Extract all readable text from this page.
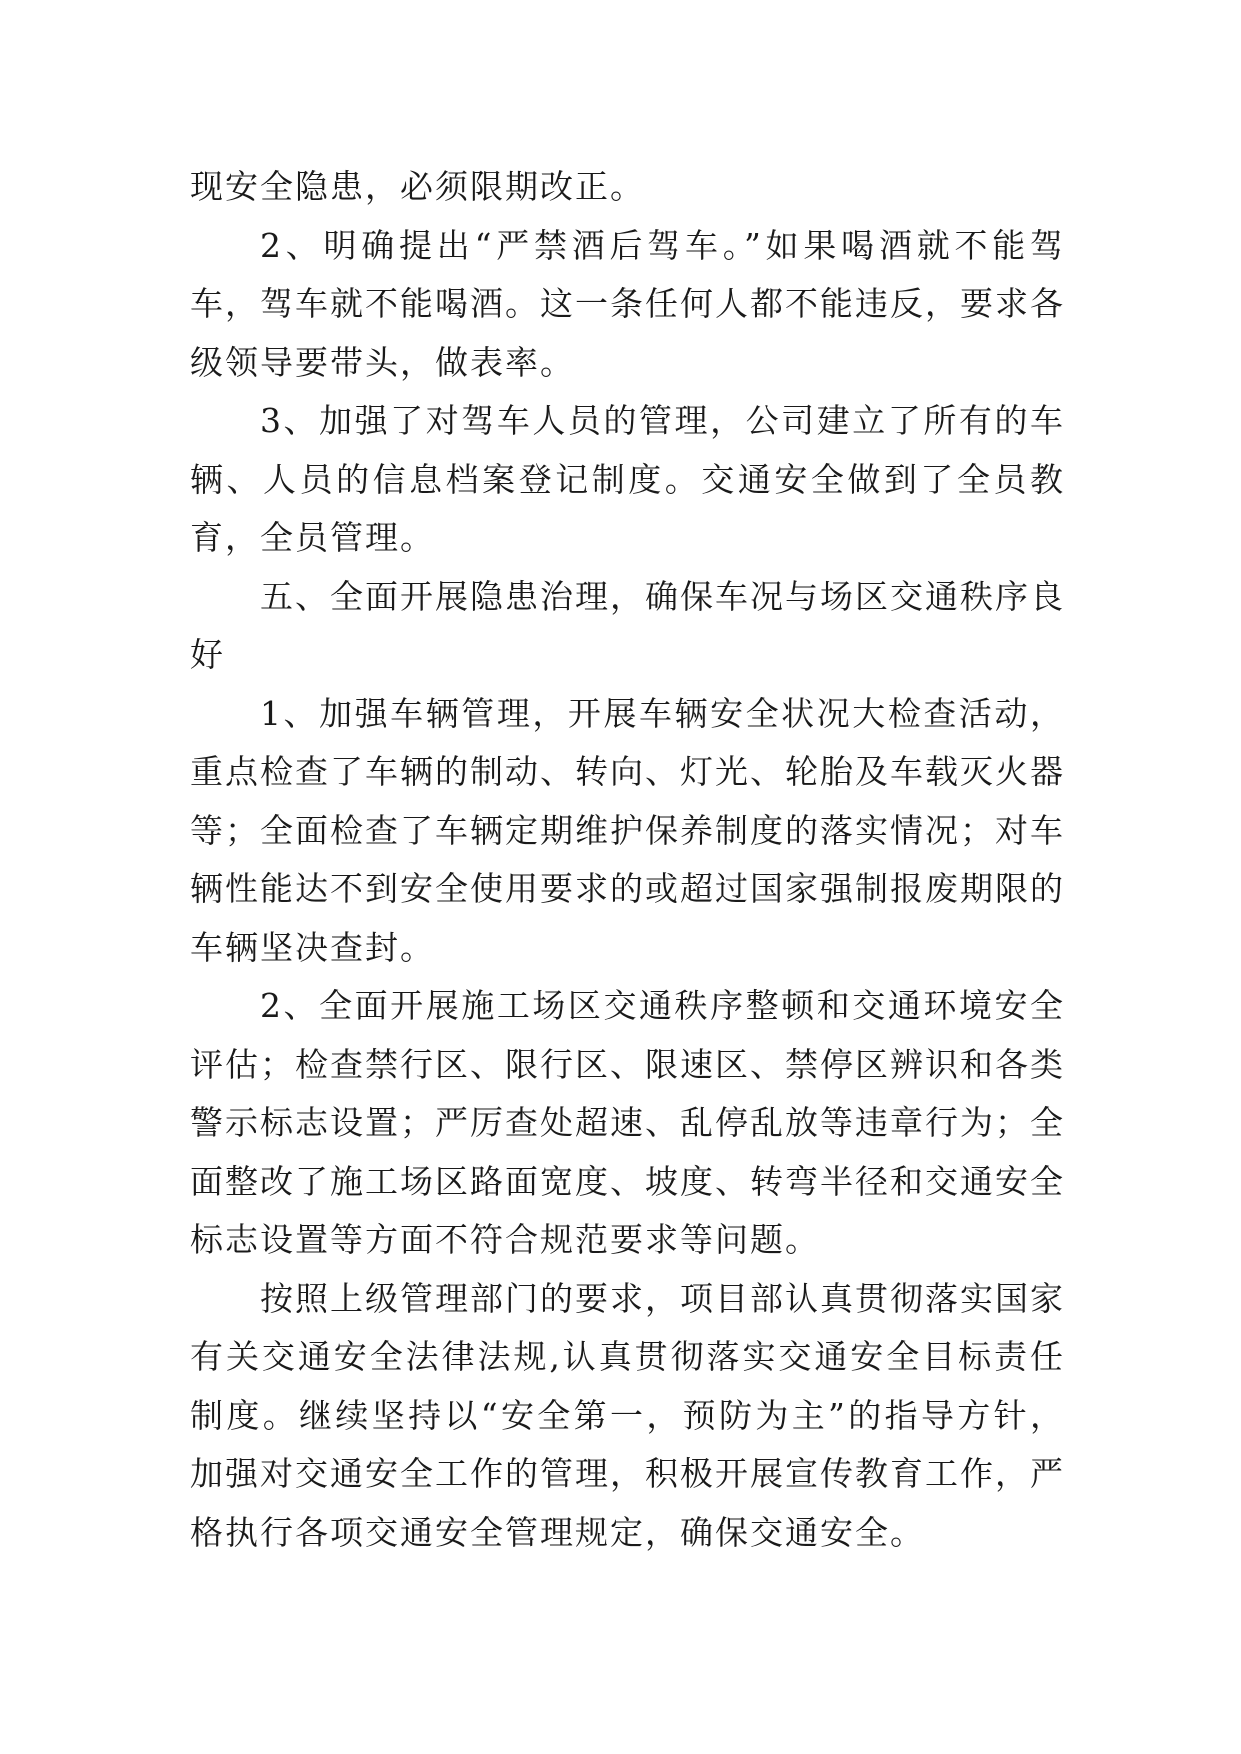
现安全隐患，必须限期改正。

2、明确提出“严禁酒后驾车。”如果喝酒就不能驾车，驾车就不能喝酒。这一条任何人都不能违反，要求各级领导要带头，做表率。

3、加强了对驾车人员的管理，公司建立了所有的车 辆、人员的信息档案登记制度。交通安全做到了全员教育，全员管理。

五、全面开展隐患治理，确保车况与场区交通秩序良好

1、加强车辆管理，开展车辆安全状况大检查活动，重点检查了车辆的制动、转向、灯光、轮胎及车载灭火器等；全面检查了车辆定期维护保养制度的落实情况；对车辆性能达不到安全使用要求的或超过国家强制报废期限的车辆坚决查封。

2、全面开展施工场区交通秩序整顿和交通环境安全评估；检查禁行区、限行区、限速区、禁停区辨识和各类警示标志设置；严厉查处超速、乱停乱放等违章行为；全面整改了施工场区路面宽度、坡度、转弯半径和交通安全标志设置等方面不符合规范要求等问题。

按照上级管理部门的要求，项目部认真贯彻落实国家有关交通安全法律法规,认真贯彻落实交通安全目标责任制度。继续坚持以“安全第一，预防为主”的指导方针，加强对交通安全工作的管理，积极开展宣传教育工作，严格执行各项交通安全管理规定，确保交通安全。
